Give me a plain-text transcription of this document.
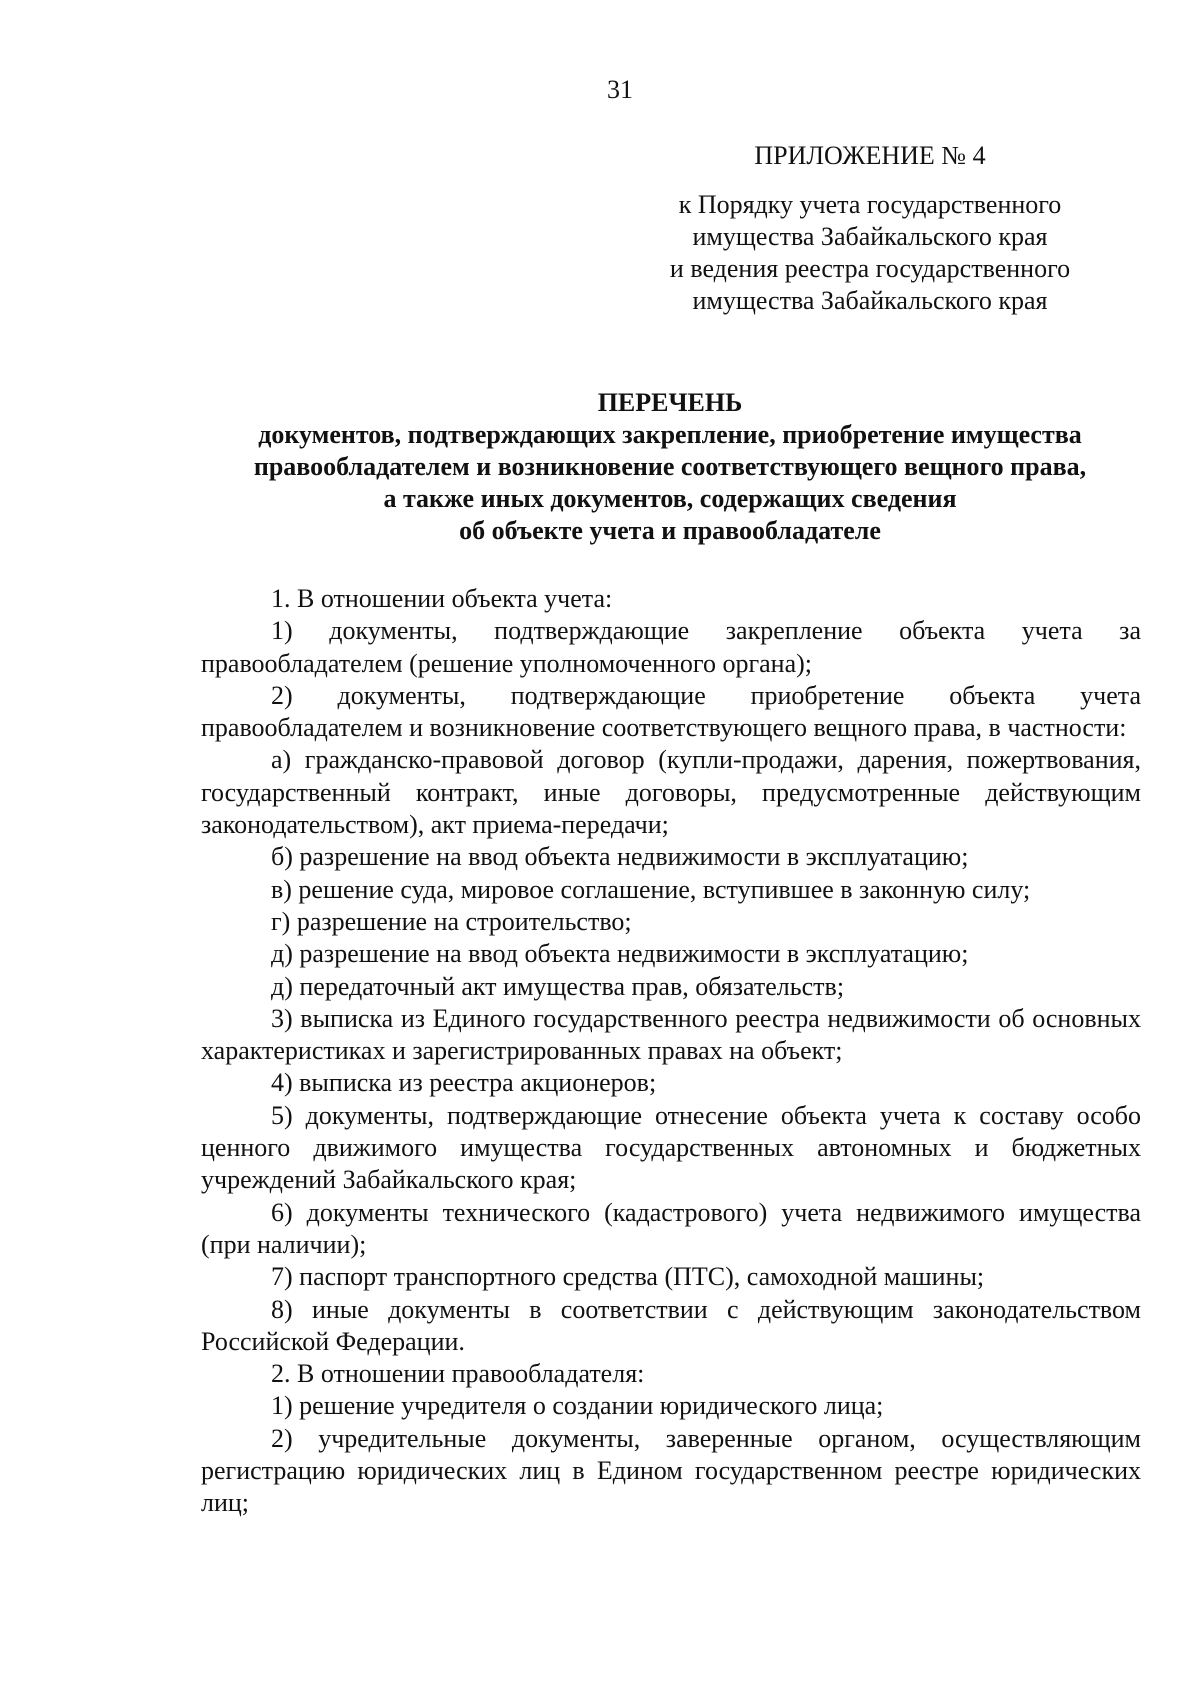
31
ПРИЛОЖЕНИЕ № 4
к Порядку учета государственного
имущества Забайкальского края
и ведения реестра государственного
имущества Забайкальского края
ПЕРЕЧЕНЬ
документов, подтверждающих закрепление, приобретение имущества
правообладателем и возникновение соответствующего вещного права,
а также иных документов, содержащих сведения
об объекте учета и правообладателе

1. В отношении объекта учета:

1) документы, подтверждающие закрепление объекта учета за правообладателем (решение уполномоченного органа);

2) документы, подтверждающие приобретение объекта учета правообладателем и возникновение соответствующего вещного права, в частности:

а) гражданско-правовой договор (купли-продажи, дарения, пожертвования, государственный контракт, иные договоры, предусмотренные действующим законодательством), акт приема-передачи;

б) разрешение на ввод объекта недвижимости в эксплуатацию;

в) решение суда, мировое соглашение, вступившее в законную силу;

г) разрешение на строительство;

д) разрешение на ввод объекта недвижимости в эксплуатацию;

д) передаточный акт имущества прав, обязательств;

3) выписка из Единого государственного реестра недвижимости об основных характеристиках и зарегистрированных правах на объект;

4) выписка из реестра акционеров;

5) документы, подтверждающие отнесение объекта учета к составу особо ценного движимого имущества государственных автономных и бюджетных учреждений Забайкальского края;

6) документы технического (кадастрового) учета недвижимого имущества (при наличии);

7) паспорт транспортного средства (ПТС), самоходной машины;

8) иные документы в соответствии с действующим законодательством Российской Федерации.

2. В отношении правообладателя:

1) решение учредителя о создании юридического лица;

2) учредительные документы, заверенные органом, осуществляющим регистрацию юридических лиц в Едином государственном реестре юридических лиц;
